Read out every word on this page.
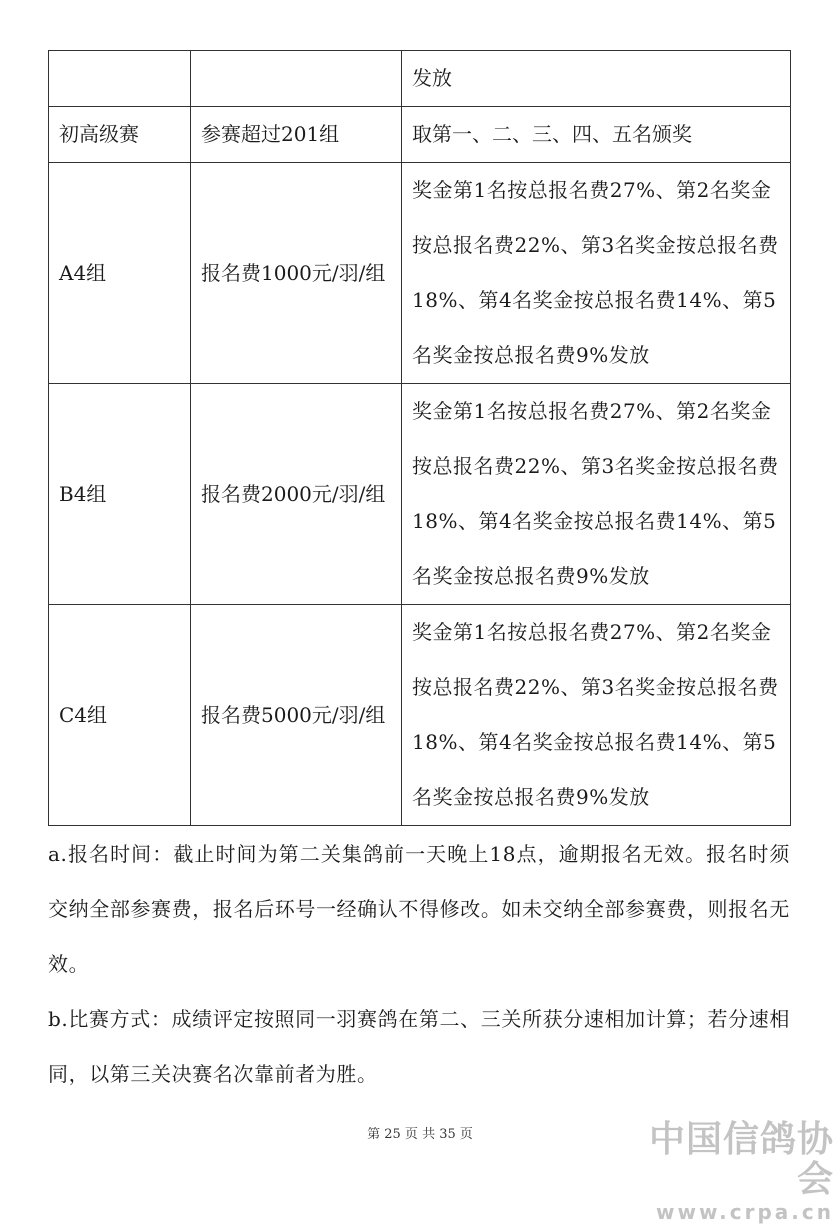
		发放
初高级赛	参赛超过201组	取第一、二、三、四、五名颁奖
A4组	报名费1000元/羽/组	奖金第1名按总报名费27%、第2名奖金按总报名费22%、第3名奖金按总报名费18%、第4名奖金按总报名费14%、第5名奖金按总报名费9%发放
B4组	报名费2000元/羽/组	奖金第1名按总报名费27%、第2名奖金按总报名费22%、第3名奖金按总报名费18%、第4名奖金按总报名费14%、第5名奖金按总报名费9%发放
C4组	报名费5000元/羽/组	奖金第1名按总报名费27%、第2名奖金按总报名费22%、第3名奖金按总报名费18%、第4名奖金按总报名费14%、第5名奖金按总报名费9%发放
a.报名时间：截止时间为第二关集鸽前一天晚上18点，逾期报名无效。报名时须交纳全部参赛费，报名后环号一经确认不得修改。如未交纳全部参赛费，则报名无效。
b.比赛方式：成绩评定按照同一羽赛鸽在第二、三关所获分速相加计算；若分速相同，以第三关决赛名次靠前者为胜。
第 25 页 共 35 页	中国信鸽协会
www.crpa.cn
